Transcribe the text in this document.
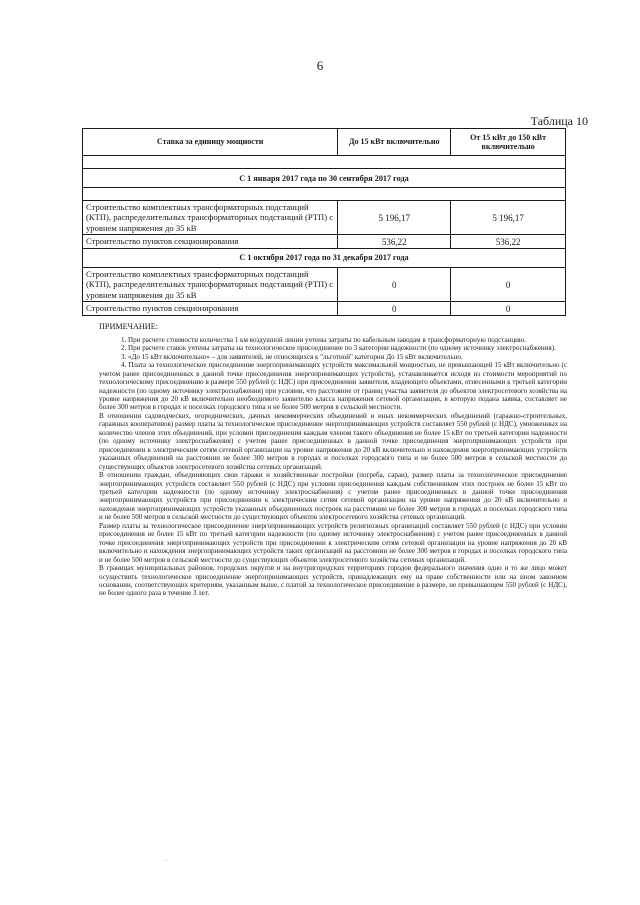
6
Таблица 10
Ставка за единицу мощности	До 15 кВт включительно	От 15 кВт до 150 кВт включительно

С 1 января 2017 года по 30 сентября 2017 года		

Строительство комплектных трансформаторных подстанций (КТП), распределительных трансформаторных подстанций (РТП) с уровнем напряжения до 35 кВ	5 196,17	5 196,17
Строительство пунктов секционирования	536,22	536,22
С 1 октября 2017 года по 31 декабря 2017 года		
Строительство комплектных трансформаторных подстанций (КТП), распределительных трансформаторных подстанций (РТП) с уровнем напряжения до 35 кВ	0	0
Строительство пунктов секционирования	0	0
ПРИМЕЧАНИЕ:

1. При расчете стоимости количества 1 км воздушной линии учтены затраты по кабельным заводам в трансформаторную подстанцию.

2. При расчете ставок учтены затраты на технологическое присоединение по 3 категории надежности (по одному источнику электроснабжения).

3. «До 15 кВт включительно» – для заявителей, не относящихся к "льготной" категории До 15 кВт включительно.

4. Плата за технологическое присоединение энергопринимающих устройств максимальной мощностью, не превышающей 15 кВт включительно (с учетом ранее присоединенных в данной точке присоединения энергопринимающих устройств), устанавливается исходя из стоимости мероприятий по технологическому присоединению в размере 550 рублей (с НДС) при присоединении заявителя, владеющего объектами, отнесенными к третьей категории надежности (по одному источнику электроснабжения) при условии, что расстояние от границ участка заявителя до объектов электросетевого хозяйства на уровне напряжения до 20 кВ включительно необходимого заявителю класса напряжения сетевой организации, в которую подана заявка, составляет не более 300 метров в городах и поселках городского типа и не более 500 метров в сельской местности.

В отношении садоводческих, огороднических, дачных некоммерческих объединений и иных некоммерческих объединений (гаражно-строительных, гаражных кооперативов) размер платы за технологическое присоединение энергопринимающих устройств составляет 550 рублей (с НДС), умноженных на количество членов этих объединений, при условии присоединения каждым членом такого объединения не более 15 кВт по третьей категории надежности (по одному источнику электроснабжения) с учетом ранее присоединенных в данной точке присоединения энергопринимающих устройств при присоединении к электрическим сетям сетевой организации на уровне напряжения до 20 кВ включительно и нахождения энергопринимающих устройств указанных объединений на расстоянии не более 300 метров в городах и поселках городского типа и не более 500 метров в сельской местности до существующих объектов электросетевого хозяйства сетевых организаций.

В отношении граждан, объединяющих свои гаражи и хозяйственные постройки (погреба, сараи), размер платы за технологическое присоединение энергопринимающих устройств составляет 550 рублей (с НДС) при условии присоединения каждым собственником этих построек не более 15 кВт по третьей категории надежности (по одному источнику электроснабжения) с учетом ранее присоединенных в данной точке присоединения энергопринимающих устройств при присоединении к электрическим сетям сетевой организации на уровне напряжения до 20 кВ включительно и нахождения энергопринимающих устройств указанных объединенных построек на расстоянии не более 300 метров в городах и поселках городского типа и не более 500 метров в сельской местности до существующих объектов электросетевого хозяйства сетевых организаций.

Размер платы за технологическое присоединение энергопринимающих устройств религиозных организаций составляет 550 рублей (с НДС) при условии присоединения не более 15 кВт по третьей категории надежности (по одному источнику электроснабжения) с учетом ранее присоединенных в данной точке присоединения энергопринимающих устройств при присоединении к электрическим сетям сетевой организации на уровне напряжения до 20 кВ включительно и нахождения энергопринимающих устройств таких организаций на расстоянии не более 300 метров в городах и поселках городского типа и не более 500 метров в сельской местности до существующих объектов электросетевого хозяйства сетевых организаций.

В границах муниципальных районов, городских округов и на внутригородских территориях городов федерального значения одно и то же лицо может осуществить технологическое присоединение энергопринимающих устройств, принадлежащих ему на праве собственности или на ином законном основании, соответствующих критериям, указанным выше, с платой за технологическое присоединение в размере, не превышающем 550 рублей (с НДС), не более одного раза в течение 3 лет.

·
